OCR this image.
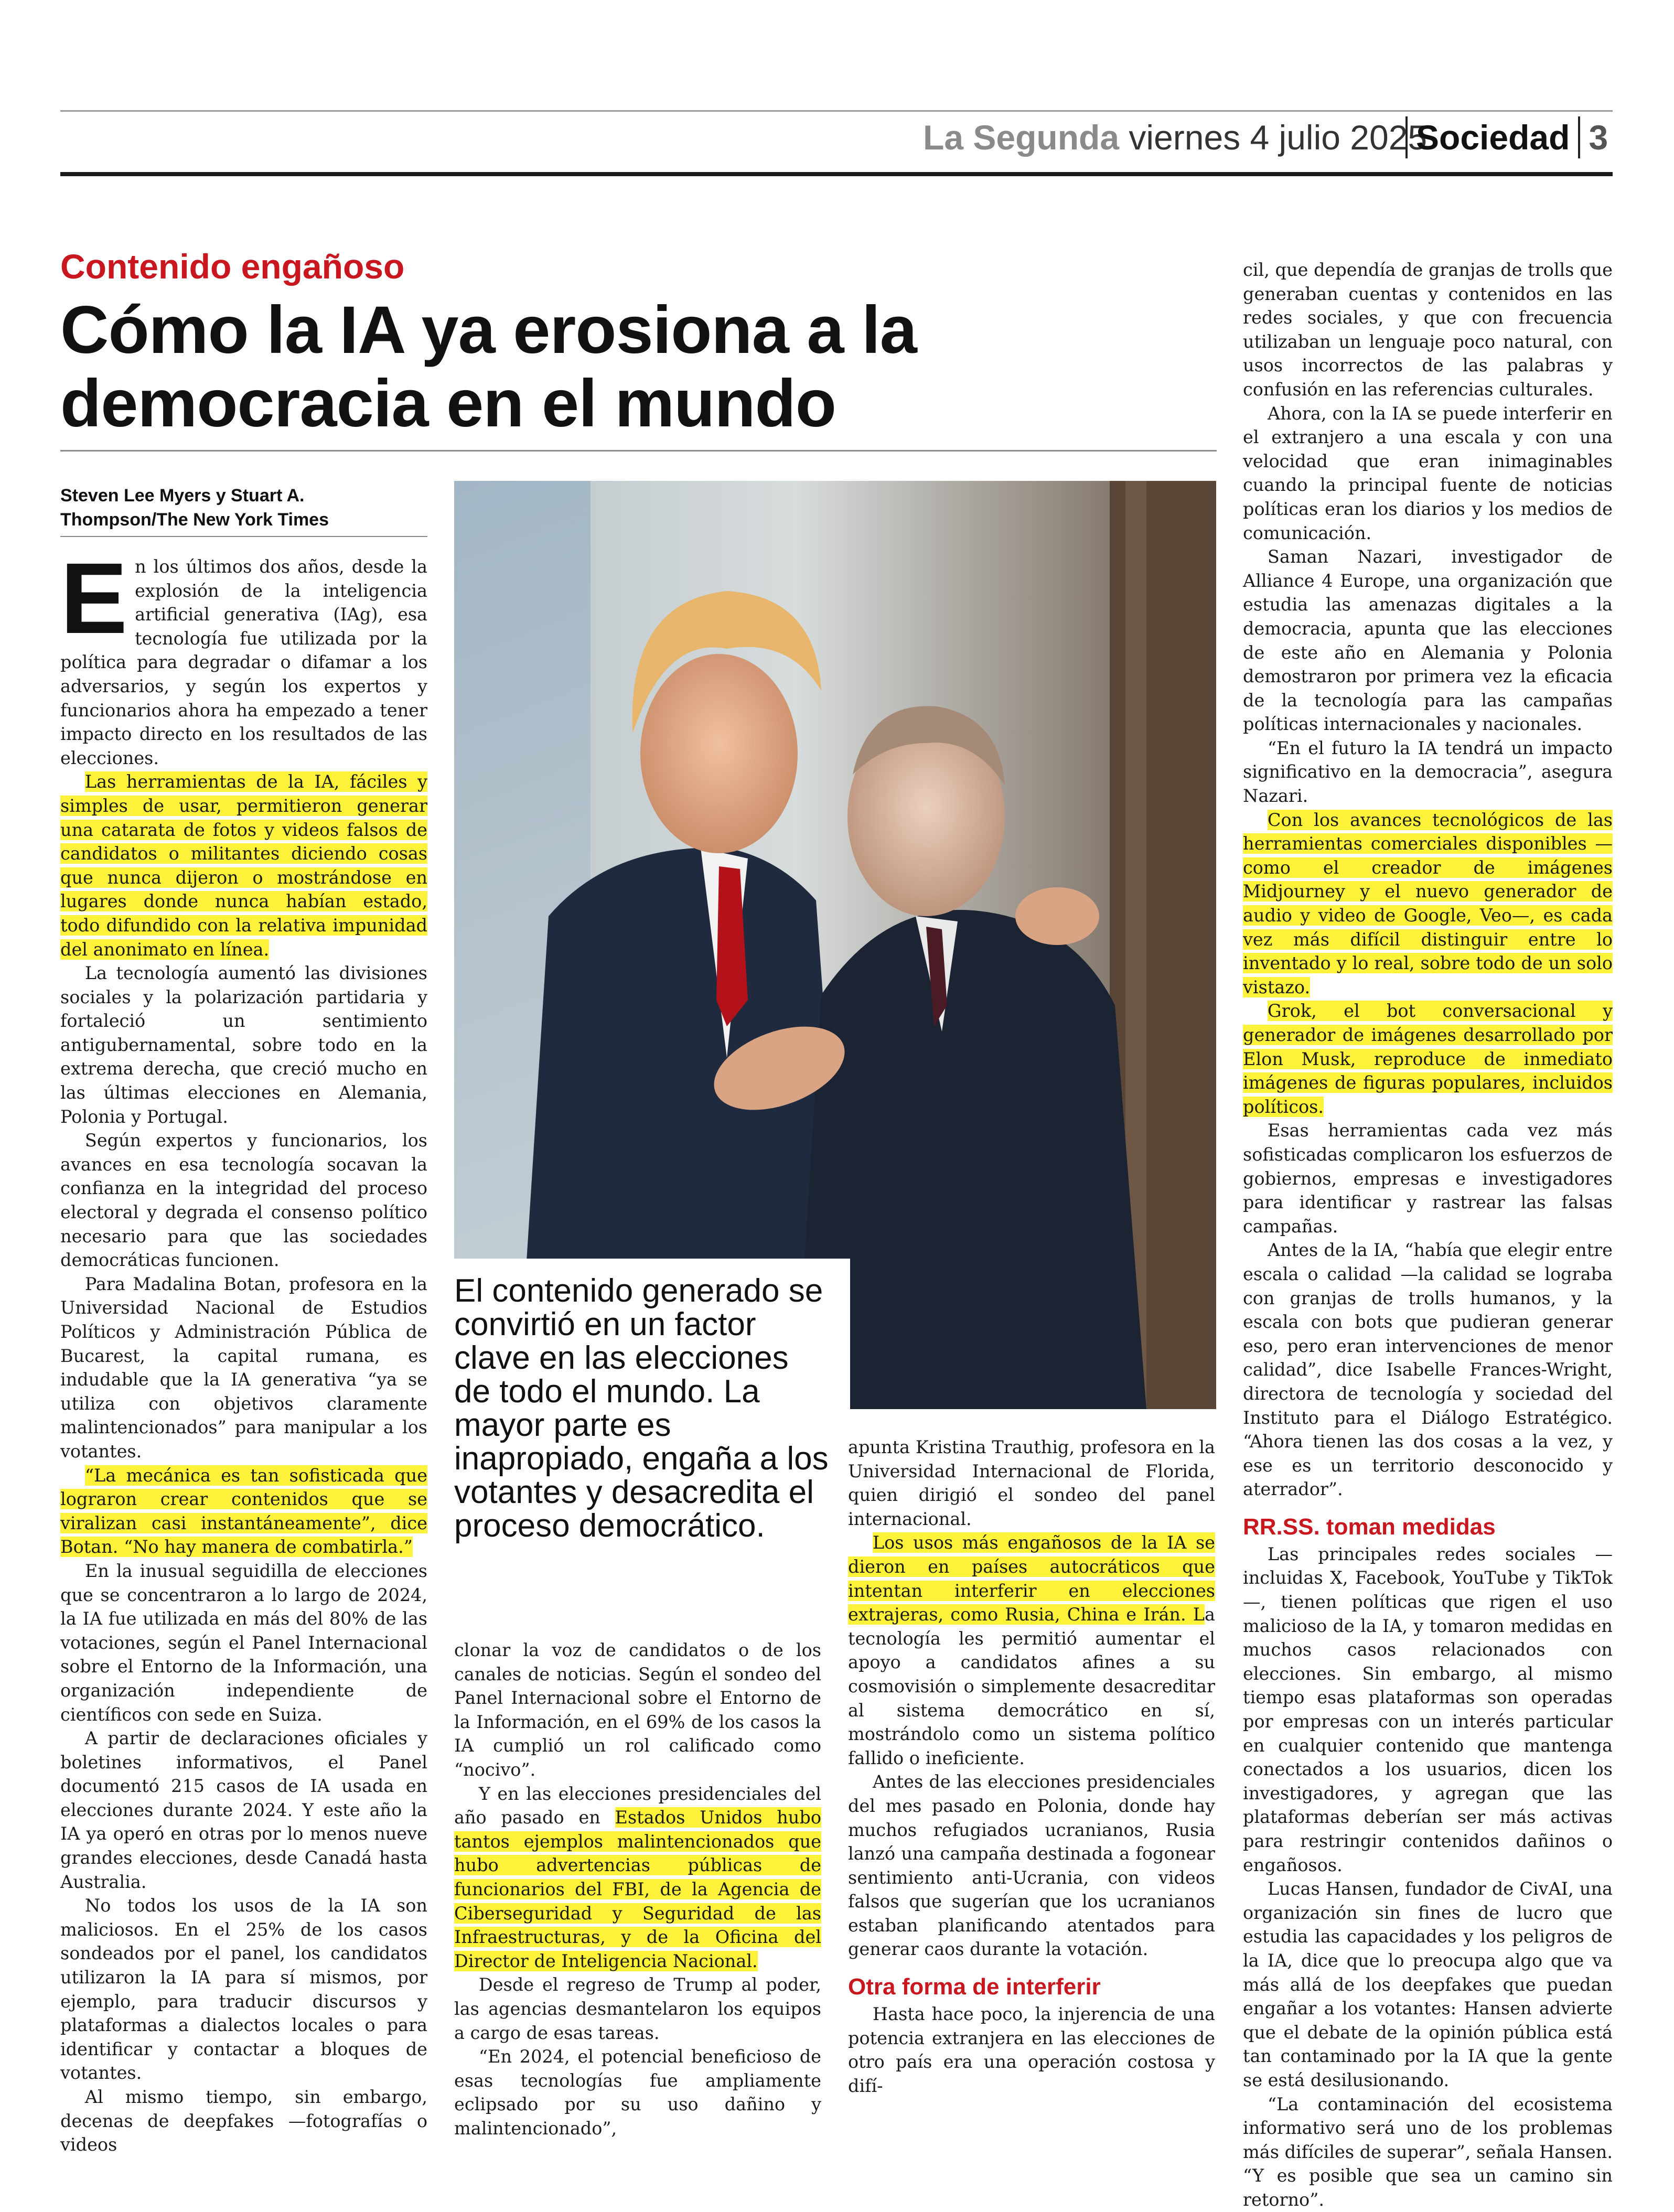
La Segunda viernes 4 julio 2025
Sociedad 3
Contenido engañoso
Cómo la IA ya erosiona a la democracia en el mundo
Steven Lee Myers y Stuart A.
Thompson/The New York Times

En los últimos dos años, desde la explosión de la inteligencia artificial generativa (IAg), esa tecnología fue utilizada por la política para degradar o difamar a los adversarios, y según los expertos y funcionarios ahora ha empezado a tener impacto directo en los resultados de las elecciones.

Las herramientas de la IA, fáciles y simples de usar, permitieron generar una catarata de fotos y videos falsos de candidatos o militantes diciendo cosas que nunca dijeron o mostrándose en lugares donde nunca habían estado, todo difundido con la relativa impunidad del anonimato en línea.

La tecnología aumentó las divisiones sociales y la polarización partidaria y fortaleció un sentimiento antigubernamental, sobre todo en la extrema derecha, que creció mucho en las últimas elecciones en Alemania, Polonia y Portugal.

Según expertos y funcionarios, los avances en esa tecnología socavan la confianza en la integridad del proceso electoral y degrada el consenso político necesario para que las sociedades democráticas funcionen.

Para Madalina Botan, profesora en la Universidad Nacional de Estudios Políticos y Administración Pública de Bucarest, la capital rumana, es indudable que la IA generativa “ya se utiliza con objetivos claramente malintencionados” para manipular a los votantes.

“La mecánica es tan sofisticada que lograron crear contenidos que se viralizan casi instantáneamente”, dice Botan. “No hay manera de combatirla.”

En la inusual seguidilla de elecciones que se concentraron a lo largo de 2024, la IA fue utilizada en más del 80% de las votaciones, según el Panel Internacional sobre el Entorno de la Información, una organización independiente de científicos con sede en Suiza.

A partir de declaraciones oficiales y boletines informativos, el Panel documentó 215 casos de IA usada en elecciones durante 2024. Y este año la IA ya operó en otras por lo menos nueve grandes elecciones, desde Canadá hasta Australia.

No todos los usos de la IA son maliciosos. En el 25% de los casos sondeados por el panel, los candidatos utilizaron la IA para sí mismos, por ejemplo, para traducir discursos y plataformas a dialectos locales o para identificar y contactar a bloques de votantes.

Al mismo tiempo, sin embargo, decenas de deepfakes —fotografías o videos

El contenido generado se convirtió en un factor clave en las elecciones de todo el mundo. La mayor parte es inapropiado, engaña a los votantes y desacredita el proceso democrático.

clonar la voz de candidatos o de los canales de noticias. Según el sondeo del Panel Internacional sobre el Entorno de la Información, en el 69% de los casos la IA cumplió un rol calificado como “nocivo”.

Y en las elecciones presidenciales del año pasado en Estados Unidos hubo tantos ejemplos malintencionados que hubo advertencias públicas de funcionarios del FBI, de la Agencia de Ciberseguridad y Seguridad de las Infraestructuras, y de la Oficina del Director de Inteligencia Nacional.

Desde el regreso de Trump al poder, las agencias desmantelaron los equipos a cargo de esas tareas.

“En 2024, el potencial beneficioso de esas tecnologías fue ampliamente eclipsado por su uso dañino y malintencionado”,

apunta Kristina Trauthig, profesora en la Universidad Internacional de Florida, quien dirigió el sondeo del panel internacional.

Los usos más engañosos de la IA se dieron en países autocráticos que intentan interferir en elecciones extrajeras, como Rusia, China e Irán. La tecnología les permitió aumentar el apoyo a candidatos afines a su cosmovisión o simplemente desacreditar al sistema democrático en sí, mostrándolo como un sistema político fallido o ineficiente.

Antes de las elecciones presidenciales del mes pasado en Polonia, donde hay muchos refugiados ucranianos, Rusia lanzó una campaña destinada a fogonear sentimiento anti-Ucrania, con videos falsos que sugerían que los ucranianos estaban planificando atentados para generar caos durante la votación.

Otra forma de interferir

Hasta hace poco, la injerencia de una potencia extranjera en las elecciones de otro país era una operación costosa y difí-

cil, que dependía de granjas de trolls que generaban cuentas y contenidos en las redes sociales, y que con frecuencia utilizaban un lenguaje poco natural, con usos incorrectos de las palabras y confusión en las referencias culturales.

Ahora, con la IA se puede interferir en el extranjero a una escala y con una velocidad que eran inimaginables cuando la principal fuente de noticias políticas eran los diarios y los medios de comunicación.

Saman Nazari, investigador de Alliance 4 Europe, una organización que estudia las amenazas digitales a la democracia, apunta que las elecciones de este año en Alemania y Polonia demostraron por primera vez la eficacia de la tecnología para las campañas políticas internacionales y nacionales.

“En el futuro la IA tendrá un impacto significativo en la democracia”, asegura Nazari.

Con los avances tecnológicos de las herramientas comerciales disponibles —como el creador de imágenes Midjourney y el nuevo generador de audio y video de Google, Veo—, es cada vez más difícil distinguir entre lo inventado y lo real, sobre todo de un solo vistazo.

Grok, el bot conversacional y generador de imágenes desarrollado por Elon Musk, reproduce de inmediato imágenes de figuras populares, incluidos políticos.

Esas herramientas cada vez más sofisticadas complicaron los esfuerzos de gobiernos, empresas e investigadores para identificar y rastrear las falsas campañas.

Antes de la IA, “había que elegir entre escala o calidad —la calidad se lograba con granjas de trolls humanos, y la escala con bots que pudieran generar eso, pero eran intervenciones de menor calidad”, dice Isabelle Frances-Wright, directora de tecnología y sociedad del Instituto para el Diálogo Estratégico. “Ahora tienen las dos cosas a la vez, y ese es un territorio desconocido y aterrador”.

RR.SS. toman medidas

Las principales redes sociales —incluidas X, Facebook, YouTube y TikTok—, tienen políticas que rigen el uso malicioso de la IA, y tomaron medidas en muchos casos relacionados con elecciones. Sin embargo, al mismo tiempo esas plataformas son operadas por empresas con un interés particular en cualquier contenido que mantenga conectados a los usuarios, dicen los investigadores, y agregan que las plataformas deberían ser más activas para restringir contenidos dañinos o engañosos.

Lucas Hansen, fundador de CivAI, una organización sin fines de lucro que estudia las capacidades y los peligros de la IA, dice que lo preocupa algo que va más allá de los deepfakes que puedan engañar a los votantes: Hansen advierte que el debate de la opinión pública está tan contaminado por la IA que la gente se está desilusionando.

“La contaminación del ecosistema informativo será uno de los problemas más difíciles de superar”, señala Hansen. “Y es posible que sea un camino sin retorno”.
